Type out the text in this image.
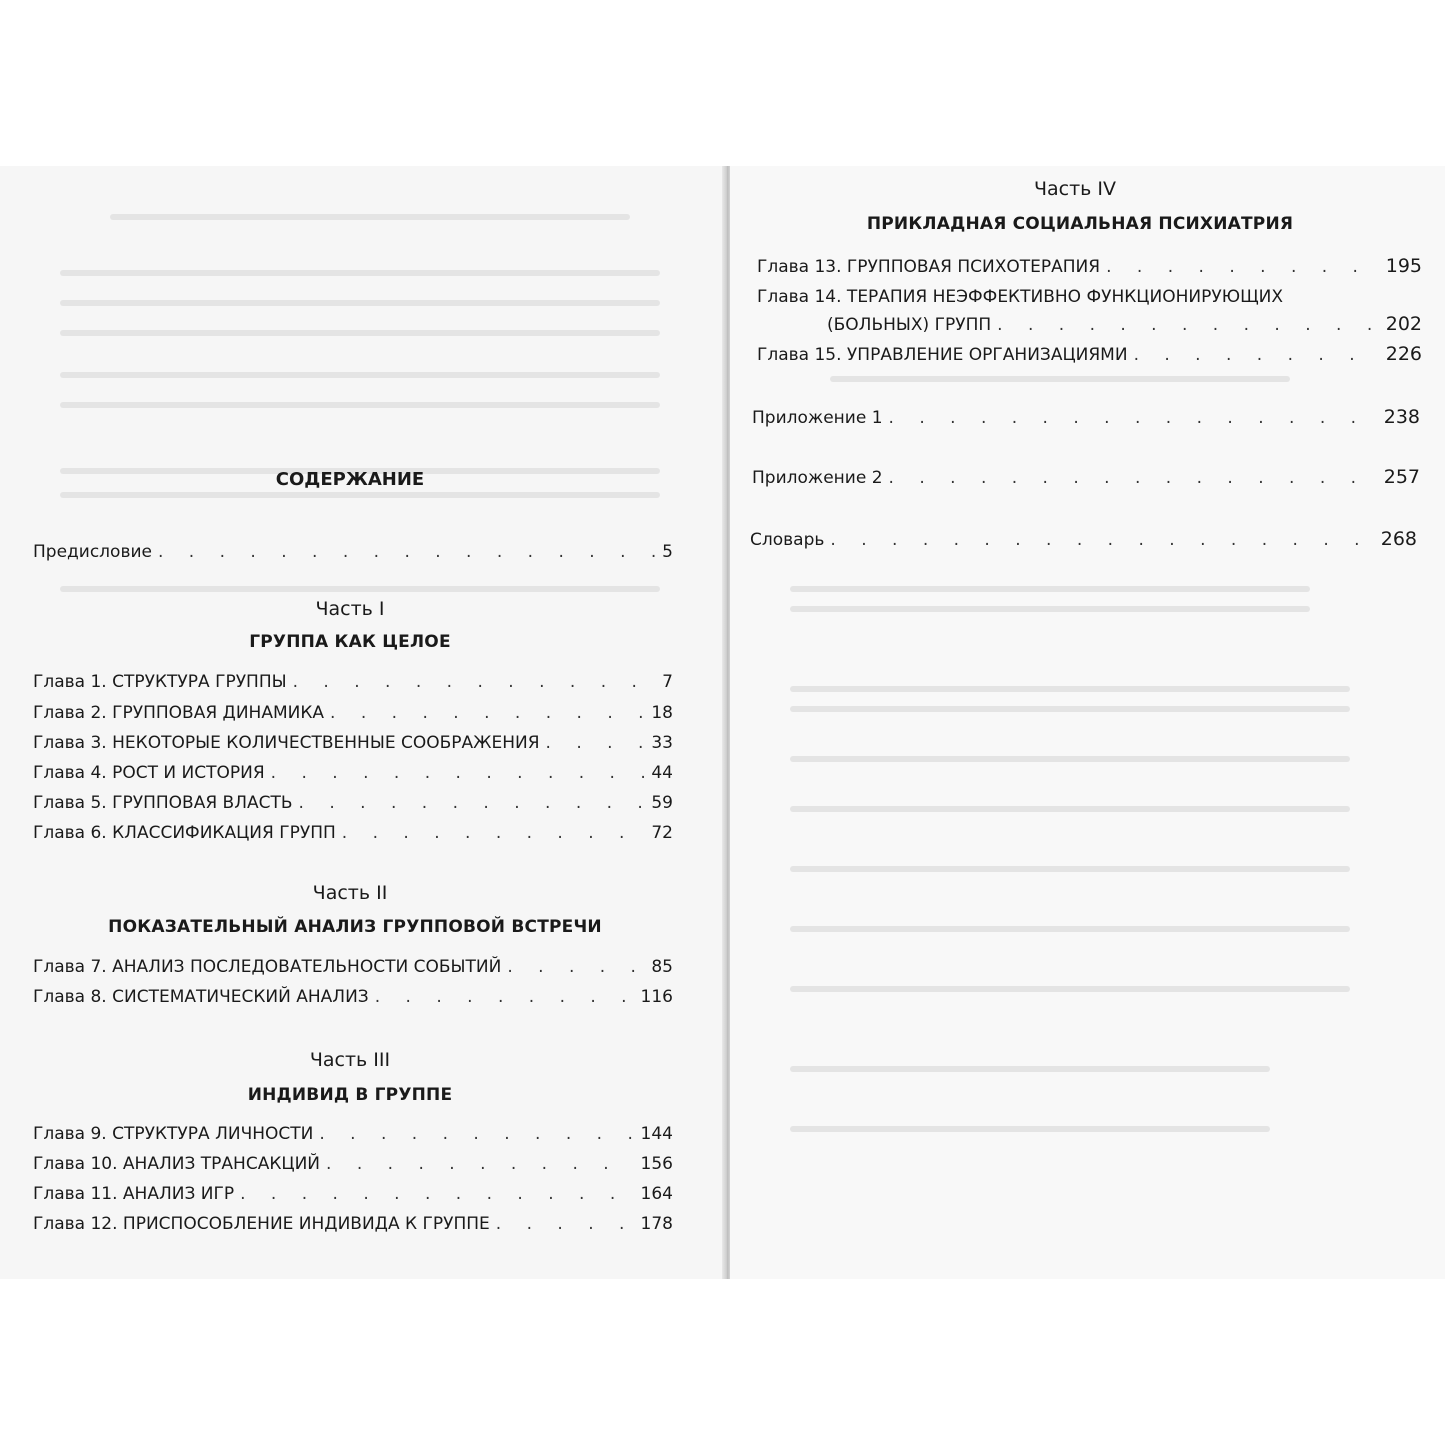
СОДЕРЖАНИЕ
Предисловие . . .	5
Часть I
ГРУППА КАК ЦЕЛОЕ
Глава 1. СТРУКТУРА ГРУППЫ . . .	7
Глава 2. ГРУППОВАЯ ДИНАМИКА . . .	18
Глава 3. НЕКОТОРЫЕ КОЛИЧЕСТВЕННЫЕ СООБРАЖЕНИЯ . . .	33
Глава 4. РОСТ И ИСТОРИЯ . . .	44
Глава 5. ГРУППОВАЯ ВЛАСТЬ . . .	59
Глава 6. КЛАССИФИКАЦИЯ ГРУПП . . .	72
Часть II
ПОКАЗАТЕЛЬНЫЙ АНАЛИЗ ГРУППОВОЙ ВСТРЕЧИ
Глава 7. АНАЛИЗ ПОСЛЕДОВАТЕЛЬНОСТИ СОБЫТИЙ . . .	85
Глава 8. СИСТЕМАТИЧЕСКИЙ АНАЛИЗ . . .	116
Часть III
ИНДИВИД В ГРУППЕ
Глава 9. СТРУКТУРА ЛИЧНОСТИ . . .	144
Глава 10. АНАЛИЗ ТРАНСАКЦИЙ . . .	156
Глава 11. АНАЛИЗ ИГР . . .	164
Глава 12. ПРИСПОСОБЛЕНИЕ ИНДИВИДА К ГРУППЕ . . .	178
Часть IV
ПРИКЛАДНАЯ СОЦИАЛЬНАЯ ПСИХИАТРИЯ
Глава 13. ГРУППОВАЯ ПСИХОТЕРАПИЯ . . .	195
Глава 14. ТЕРАПИЯ НЕЭФФЕКТИВНО ФУНКЦИОНИРУЮЩИХ
(БОЛЬНЫХ) ГРУПП . . .	202
Глава 15. УПРАВЛЕНИЕ ОРГАНИЗАЦИЯМИ . . .	226
Приложение 1 . . .	238
Приложение 2 . . .	257
Словарь . . .	268
